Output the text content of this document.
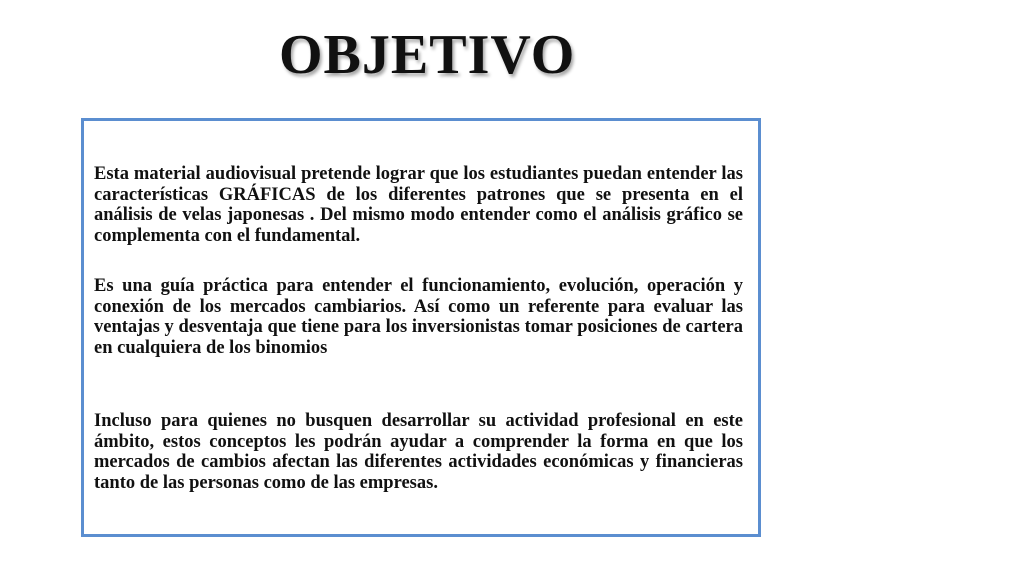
OBJETIVO

Esta material audiovisual pretende lograr que los estudiantes puedan entender las características GRÁFICAS de los diferentes patrones que se presenta en el análisis de velas japonesas . Del mismo modo entender como el análisis gráfico se complementa con el fundamental.

Es una guía práctica para entender el funcionamiento, evolución, operación y conexión de los mercados cambiarios. Así como un referente para evaluar las ventajas y desventaja que tiene para los inversionistas tomar posiciones de cartera en cualquiera de los binomios

Incluso para quienes no busquen desarrollar su actividad profesional en este ámbito, estos conceptos les podrán ayudar a comprender la forma en que los mercados de cambios afectan las diferentes actividades económicas y financieras tanto de las personas como de las empresas.
